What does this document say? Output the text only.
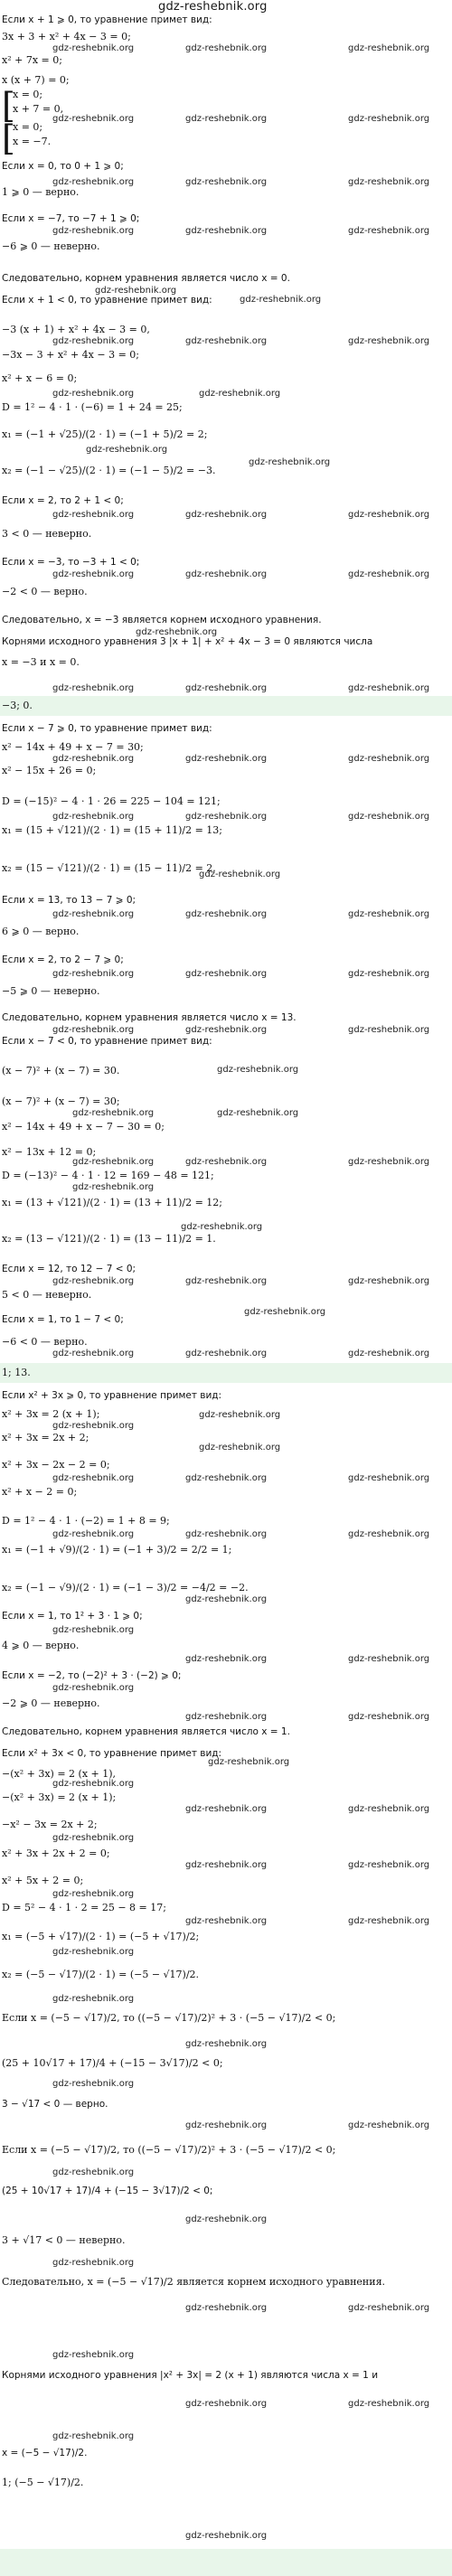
gdz-reshebnik.org
−3; 0.
1; 13.
Если x + 1 ⩾ 0, то уравнение примет вид:
3x + 3 + x² + 4x − 3 = 0;
x² + 7x = 0;
x (x + 7) = 0;
[
x = 0;
x + 7 = 0,
[
x = 0;
x = −7.
Если x = 0, то 0 + 1 ⩾ 0;
1 ⩾ 0 — верно.
Если x = −7, то −7 + 1 ⩾ 0;
−6 ⩾ 0 — неверно.
Следовательно, корнем уравнения является число x = 0.
Если x + 1 < 0, то уравнение примет вид:
−3 (x + 1) + x² + 4x − 3 = 0,
−3x − 3 + x² + 4x − 3 = 0;
x² + x − 6 = 0;
D = 1² − 4 · 1 · (−6) = 1 + 24 = 25;
x₁ = (−1 + √25)/(2 · 1) = (−1 + 5)/2 = 2;
x₂ = (−1 − √25)/(2 · 1) = (−1 − 5)/2 = −3.
Если x = 2, то 2 + 1 < 0;
3 < 0 — неверно.
Если x = −3, то −3 + 1 < 0;
−2 < 0 — верно.
Следовательно, x = −3 является корнем исходного уравнения.
Корнями исходного уравнения 3 |x + 1| + x² + 4x − 3 = 0 являются числа
x = −3 и x = 0.
Если x − 7 ⩾ 0, то уравнение примет вид:
x² − 14x + 49 + x − 7 = 30;
x² − 15x + 26 = 0;
D = (−15)² − 4 · 1 · 26 = 225 − 104 = 121;
x₁ = (15 + √121)/(2 · 1) = (15 + 11)/2 = 13;
x₂ = (15 − √121)/(2 · 1) = (15 − 11)/2 = 2.
Если x = 13, то 13 − 7 ⩾ 0;
6 ⩾ 0 — верно.
Если x = 2, то 2 − 7 ⩾ 0;
−5 ⩾ 0 — неверно.
Следовательно, корнем уравнения является число x = 13.
Если x − 7 < 0, то уравнение примет вид:
(x − 7)² + (x − 7) = 30.
(x − 7)² + (x − 7) = 30;
x² − 14x + 49 + x − 7 − 30 = 0;
x² − 13x + 12 = 0;
D = (−13)² − 4 · 1 · 12 = 169 − 48 = 121;
x₁ = (13 + √121)/(2 · 1) = (13 + 11)/2 = 12;
x₂ = (13 − √121)/(2 · 1) = (13 − 11)/2 = 1.
Если x = 12, то 12 − 7 < 0;
5 < 0 — неверно.
Если x = 1, то 1 − 7 < 0;
−6 < 0 — верно.
Если x² + 3x ⩾ 0, то уравнение примет вид:
x² + 3x = 2 (x + 1);
x² + 3x = 2x + 2;
x² + 3x − 2x − 2 = 0;
x² + x − 2 = 0;
D = 1² − 4 · 1 · (−2) = 1 + 8 = 9;
x₁ = (−1 + √9)/(2 · 1) = (−1 + 3)/2 = 2/2 = 1;
x₂ = (−1 − √9)/(2 · 1) = (−1 − 3)/2 = −4/2 = −2.
Если x = 1, то 1² + 3 · 1 ⩾ 0;
4 ⩾ 0 — верно.
Если x = −2, то (−2)² + 3 · (−2) ⩾ 0;
−2 ⩾ 0 — неверно.
Следовательно, корнем уравнения является число x = 1.
Если x² + 3x < 0, то уравнение примет вид:
−(x² + 3x) = 2 (x + 1),
−(x² + 3x) = 2 (x + 1);
−x² − 3x = 2x + 2;
x² + 3x + 2x + 2 = 0;
x² + 5x + 2 = 0;
D = 5² − 4 · 1 · 2 = 25 − 8 = 17;
x₁ = (−5 + √17)/(2 · 1) = (−5 + √17)/2;
x₂ = (−5 − √17)/(2 · 1) = (−5 − √17)/2.
Если x = (−5 − √17)/2, то ((−5 − √17)/2)² + 3 · (−5 − √17)/2 < 0;
(25 + 10√17 + 17)/4 + (−15 − 3√17)/2 < 0;
3 − √17 < 0 — верно.
Если x = (−5 − √17)/2, то ((−5 − √17)/2)² + 3 · (−5 − √17)/2 < 0;
(25 + 10√17 + 17)/4 + (−15 − 3√17)/2 < 0;
3 + √17 < 0 — неверно.
Следовательно, x = (−5 − √17)/2 является корнем исходного уравнения.
Корнями исходного уравнения |x² + 3x| = 2 (x + 1) являются числа x = 1 и
x = (−5 − √17)/2.
1; (−5 − √17)/2.
gdz-reshebnik.org	gdz-reshebnik.org	gdz-reshebnik.org
gdz-reshebnik.org	gdz-reshebnik.org	gdz-reshebnik.org
gdz-reshebnik.org	gdz-reshebnik.org	gdz-reshebnik.org
gdz-reshebnik.org	gdz-reshebnik.org	gdz-reshebnik.org
gdz-reshebnik.org
gdz-reshebnik.org
gdz-reshebnik.org	gdz-reshebnik.org	gdz-reshebnik.org
gdz-reshebnik.org	gdz-reshebnik.org
gdz-reshebnik.org
gdz-reshebnik.org
gdz-reshebnik.org	gdz-reshebnik.org	gdz-reshebnik.org
gdz-reshebnik.org	gdz-reshebnik.org	gdz-reshebnik.org
gdz-reshebnik.org
gdz-reshebnik.org	gdz-reshebnik.org	gdz-reshebnik.org
gdz-reshebnik.org	gdz-reshebnik.org	gdz-reshebnik.org
gdz-reshebnik.org	gdz-reshebnik.org	gdz-reshebnik.org
gdz-reshebnik.org
gdz-reshebnik.org	gdz-reshebnik.org	gdz-reshebnik.org
gdz-reshebnik.org	gdz-reshebnik.org	gdz-reshebnik.org
gdz-reshebnik.org	gdz-reshebnik.org	gdz-reshebnik.org
gdz-reshebnik.org
gdz-reshebnik.org	gdz-reshebnik.org
gdz-reshebnik.org	gdz-reshebnik.org	gdz-reshebnik.org
gdz-reshebnik.org
gdz-reshebnik.org
gdz-reshebnik.org	gdz-reshebnik.org	gdz-reshebnik.org
gdz-reshebnik.org
gdz-reshebnik.org	gdz-reshebnik.org	gdz-reshebnik.org
gdz-reshebnik.org
gdz-reshebnik.org
gdz-reshebnik.org
gdz-reshebnik.org	gdz-reshebnik.org	gdz-reshebnik.org
gdz-reshebnik.org	gdz-reshebnik.org	gdz-reshebnik.org
gdz-reshebnik.org
gdz-reshebnik.org
gdz-reshebnik.org	gdz-reshebnik.org
gdz-reshebnik.org
gdz-reshebnik.org	gdz-reshebnik.org
gdz-reshebnik.org
gdz-reshebnik.org
gdz-reshebnik.org	gdz-reshebnik.org
gdz-reshebnik.org
gdz-reshebnik.org	gdz-reshebnik.org
gdz-reshebnik.org
gdz-reshebnik.org	gdz-reshebnik.org
gdz-reshebnik.org
gdz-reshebnik.org
gdz-reshebnik.org
gdz-reshebnik.org
gdz-reshebnik.org	gdz-reshebnik.org
gdz-reshebnik.org
gdz-reshebnik.org
gdz-reshebnik.org
gdz-reshebnik.org	gdz-reshebnik.org
gdz-reshebnik.org
gdz-reshebnik.org	gdz-reshebnik.org
gdz-reshebnik.org
gdz-reshebnik.org
